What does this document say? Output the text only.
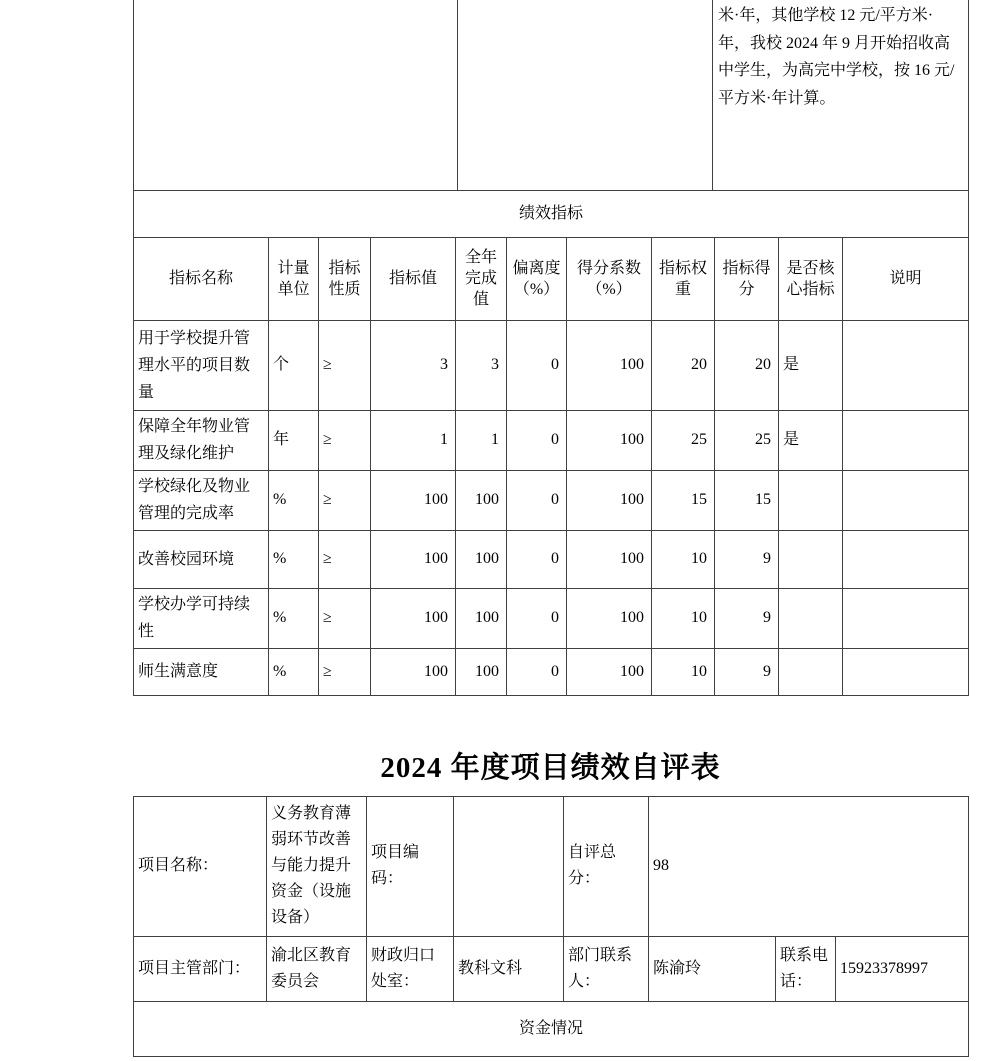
		米·年，其他学校 12 元/平方米·年，我校 2024 年 9 月开始招收高中学生，为高完中学校，按 16 元/平方米·年计算。
绩效指标
指标名称	计量单位	指标性质	指标值	全年完成值	偏离度（%）	得分系数（%）	指标权重	指标得分	是否核心指标	说明
用于学校提升管理水平的项目数量	个	≥	3	3	0	100	20	20	是	
保障全年物业管理及绿化维护	年	≥	1	1	0	100	25	25	是	
学校绿化及物业管理的完成率	%	≥	100	100	0	100	15	15		
改善校园环境	%	≥	100	100	0	100	10	9		
学校办学可持续性	%	≥	100	100	0	100	10	9		
师生满意度	%	≥	100	100	0	100	10	9		
2024 年度项目绩效自评表
项目名称：	义务教育薄弱环节改善与能力提升资金（设施设备）	项目编码：		自评总分：	98		
项目主管部门：	渝北区教育委员会	财政归口处室：	教科文科	部门联系人：	陈渝玲	联系电话：	15923378997
资金情况							
